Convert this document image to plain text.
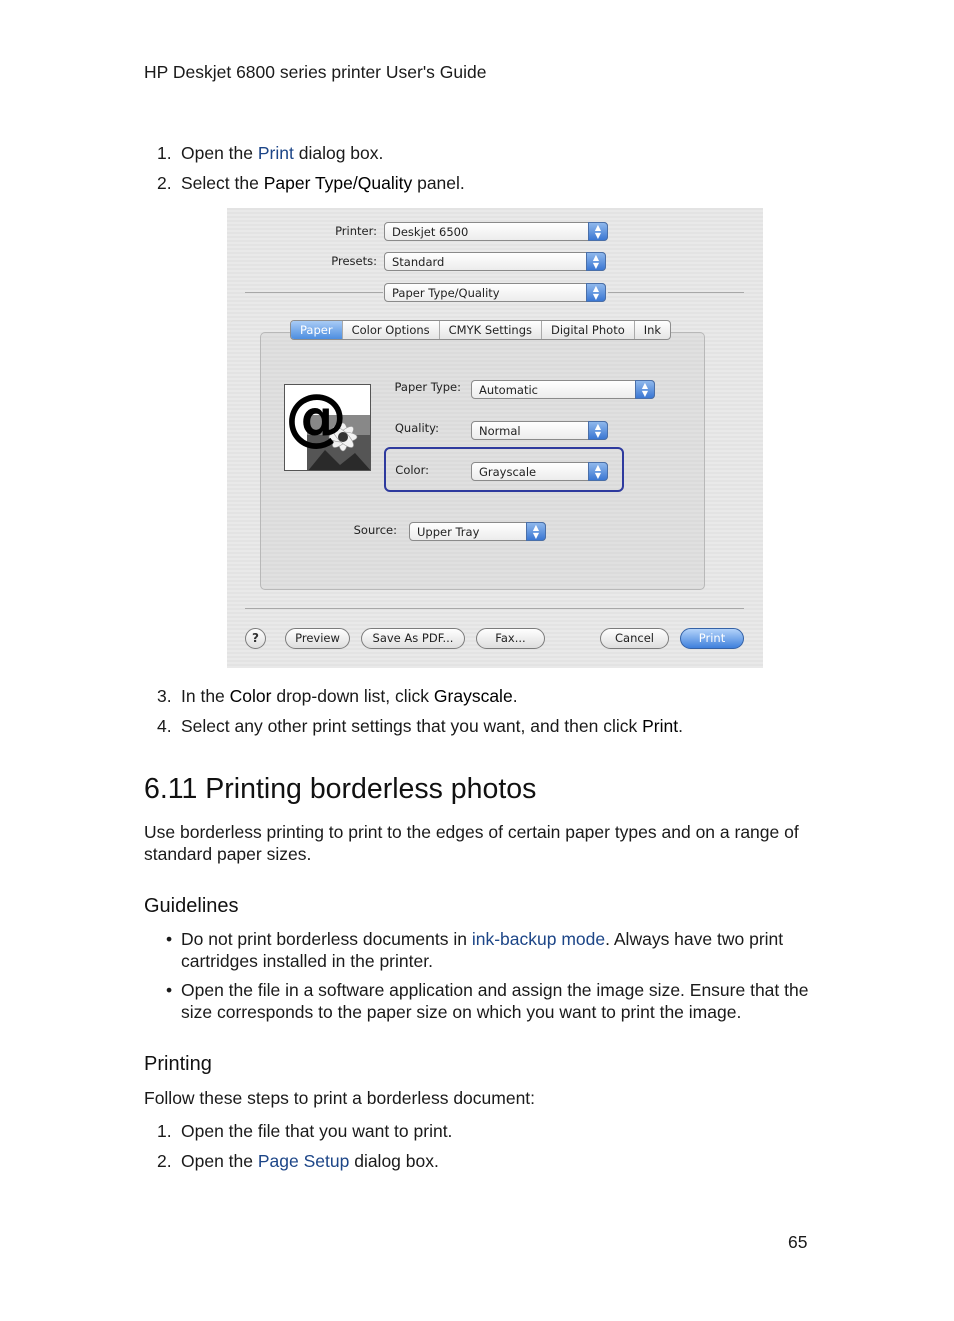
HP Deskjet 6800 series printer User's Guide
1. Open the Print dialog box.
2. Select the Paper Type/Quality panel.
Printer:	Deskjet 6500	▲
▼
Presets:	Standard	▲
▼
Paper Type/Quality	▲
▼
Paper	Color Options	CMYK Settings	Digital Photo	Ink
@	Paper Type:	Automatic	▲
▼
Quality:	Normal	▲
▼
Color:	Grayscale	▲
▼
Source:	Upper Tray	▲
▼
?	Preview	Save As PDF...	Fax...	Cancel	Print
3. In the Color drop-down list, click Grayscale.
4. Select any other print settings that you want, and then click Print.
6.11 Printing borderless photos
Use borderless printing to print to the edges of certain paper types and on a range of standard paper sizes.
Guidelines
• Do not print borderless documents in ink-backup mode. Always have two print cartridges installed in the printer.
• Open the file in a software application and assign the image size. Ensure that the size corresponds to the paper size on which you want to print the image.
Printing
Follow these steps to print a borderless document:
1. Open the file that you want to print.
2. Open the Page Setup dialog box.
65
